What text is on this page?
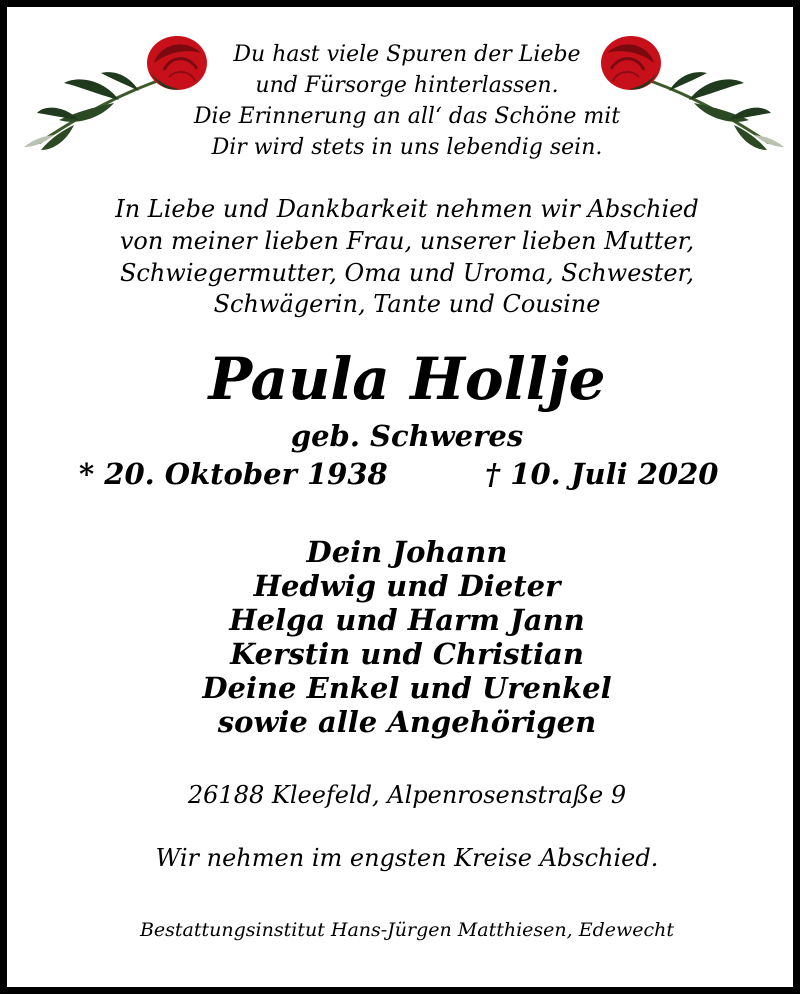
Du hast viele Spuren der Liebe
und Fürsorge hinterlassen.
Die Erinnerung an all‘ das Schöne mit
Dir wird stets in uns lebendig sein.
In Liebe und Dankbarkeit nehmen wir Abschied
von meiner lieben Frau, unserer lieben Mutter,
Schwiegermutter, Oma und Uroma, Schwester,
Schwägerin, Tante und Cousine
Paula Hollje
geb. Schweres
* 20. Oktober 1938	† 10. Juli 2020
Dein Johann
Hedwig und Dieter
Helga und Harm Jann
Kerstin und Christian
Deine Enkel und Urenkel
sowie alle Angehörigen
26188 Kleefeld, Alpenrosenstraße 9
Wir nehmen im engsten Kreise Abschied.
Bestattungsinstitut Hans-Jürgen Matthiesen, Edewecht
